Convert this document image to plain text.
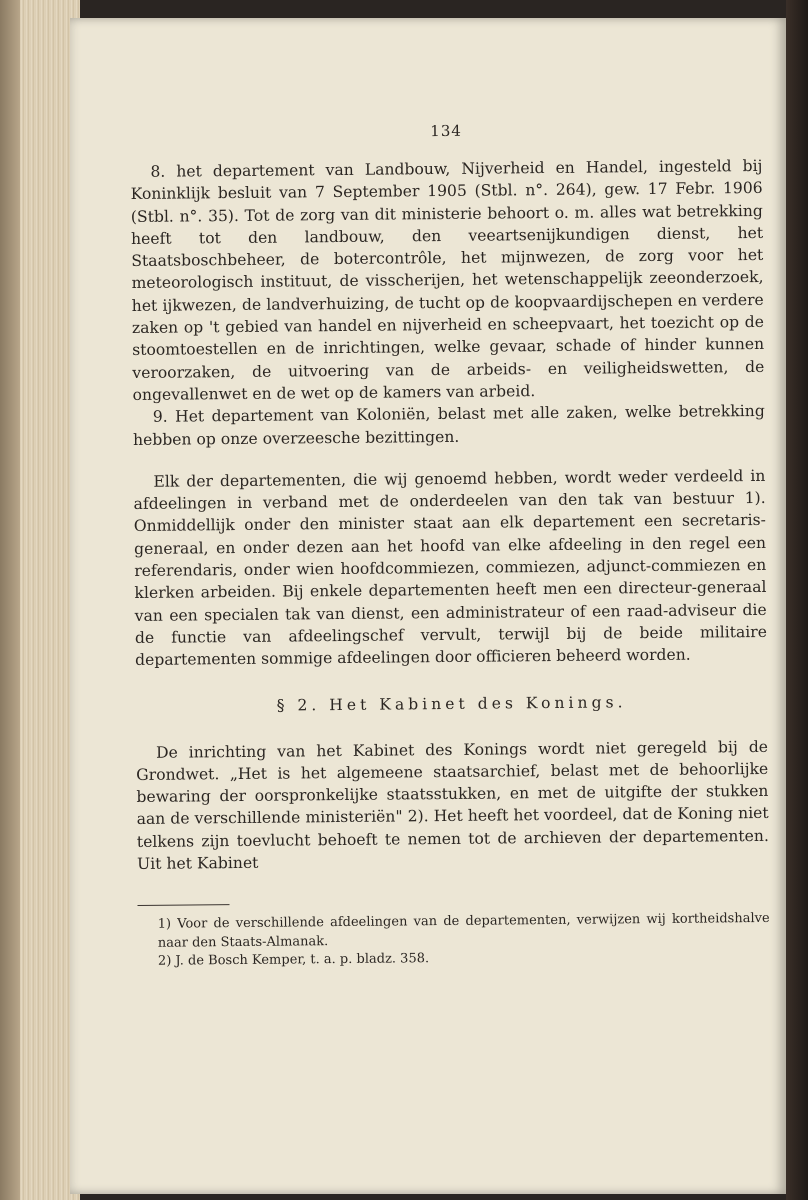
134

8. het departement van Landbouw, Nijverheid en Handel, ingesteld bij Koninklijk besluit van 7 September 1905 (Stbl. n°. 264), gew. 17 Febr. 1906 (Stbl. n°. 35). Tot de zorg van dit ministerie behoort o. m. alles wat betrekking heeft tot den landbouw, den veeartsenijkundigen dienst, het Staatsboschbeheer, de botercontrôle, het mijnwezen, de zorg voor het meteorologisch instituut, de visscherijen, het wetenschappelijk zeeonderzoek, het ijkwezen, de landverhuizing, de tucht op de koopvaardijschepen en verdere zaken op 't gebied van handel en nijverheid en scheepvaart, het toezicht op de stoomtoestellen en de inrichtingen, welke gevaar, schade of hinder kunnen veroorzaken, de uitvoering van de arbeids- en veiligheidswetten, de ongevallenwet en de wet op de kamers van arbeid.

9. Het departement van Koloniën, belast met alle zaken, welke betrekking hebben op onze overzeesche bezittingen.

Elk der departementen, die wij genoemd hebben, wordt weder verdeeld in afdeelingen in verband met de onderdeelen van den tak van bestuur 1). Onmiddellijk onder den minister staat aan elk departement een secretaris-generaal, en onder dezen aan het hoofd van elke afdeeling in den regel een referendaris, onder wien hoofdcommiezen, commiezen, adjunct-commiezen en klerken arbeiden. Bij enkele departementen heeft men een directeur-generaal van een specialen tak van dienst, een administrateur of een raad-adviseur die de functie van afdeelingschef vervult, terwijl bij de beide militaire departementen sommige afdeelingen door officieren beheerd worden.

§ 2. Het Kabinet des Konings.

De inrichting van het Kabinet des Konings wordt niet geregeld bij de Grondwet. „Het is het algemeene staatsarchief, belast met de behoorlijke bewaring der oorspronkelijke staatsstukken, en met de uitgifte der stukken aan de verschillende ministeriën" 2). Het heeft het voordeel, dat de Koning niet telkens zijn toevlucht behoeft te nemen tot de archieven der departementen. Uit het Kabinet

1) Voor de verschillende afdeelingen van de departementen, verwijzen wij kortheidshalve naar den Staats-Almanak.
2) J. de Bosch Kemper, t. a. p. bladz. 358.
